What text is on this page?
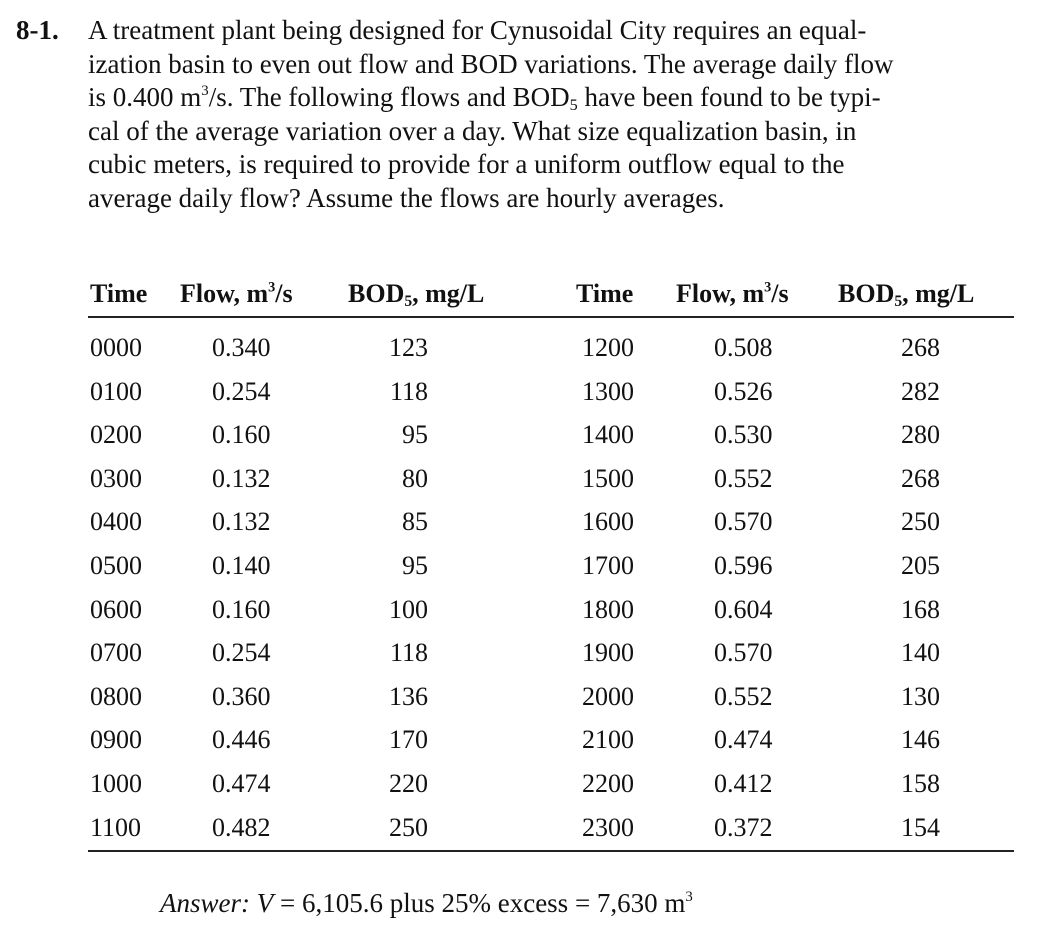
8-1. A treatment plant being designed for Cynusoidal City requires an equal-
ization basin to even out flow and BOD variations. The average daily flow
is 0.400 $m^3/s$. The following flows and $BOD_5$ have been found to be typi-
cal of the average variation over a day. What size equalization basin, in
cubic meters, is required to provide for a uniform outflow equal to the
average daily flow? Assume the flows are hourly averages.
Time Flow, $m^3/s$ $BOD_5$, mg/L	Time Flow, $m^3/s$ $BOD_5$, mg/L
0000	0.340	123	1200	0.508	268
0100	0.254	118	1300	0.526	282
0200	0.160	95	1400	0.530	280
0300	0.132	80	1500	0.552	268
0400	0.132	85	1600	0.570	250
0500	0.140	95	1700	0.596	205
0600	0.160	100	1800	0.604	168
0700	0.254	118	1900	0.570	140
0800	0.360	136	2000	0.552	130
0900	0.446	170	2100	0.474	146
1000	0.474	220	2200	0.412	158
1100	0.482	250	2300	0.372	154
Answer: V = 6,105.6 plus 25% excess = 7,630 $m^3$
